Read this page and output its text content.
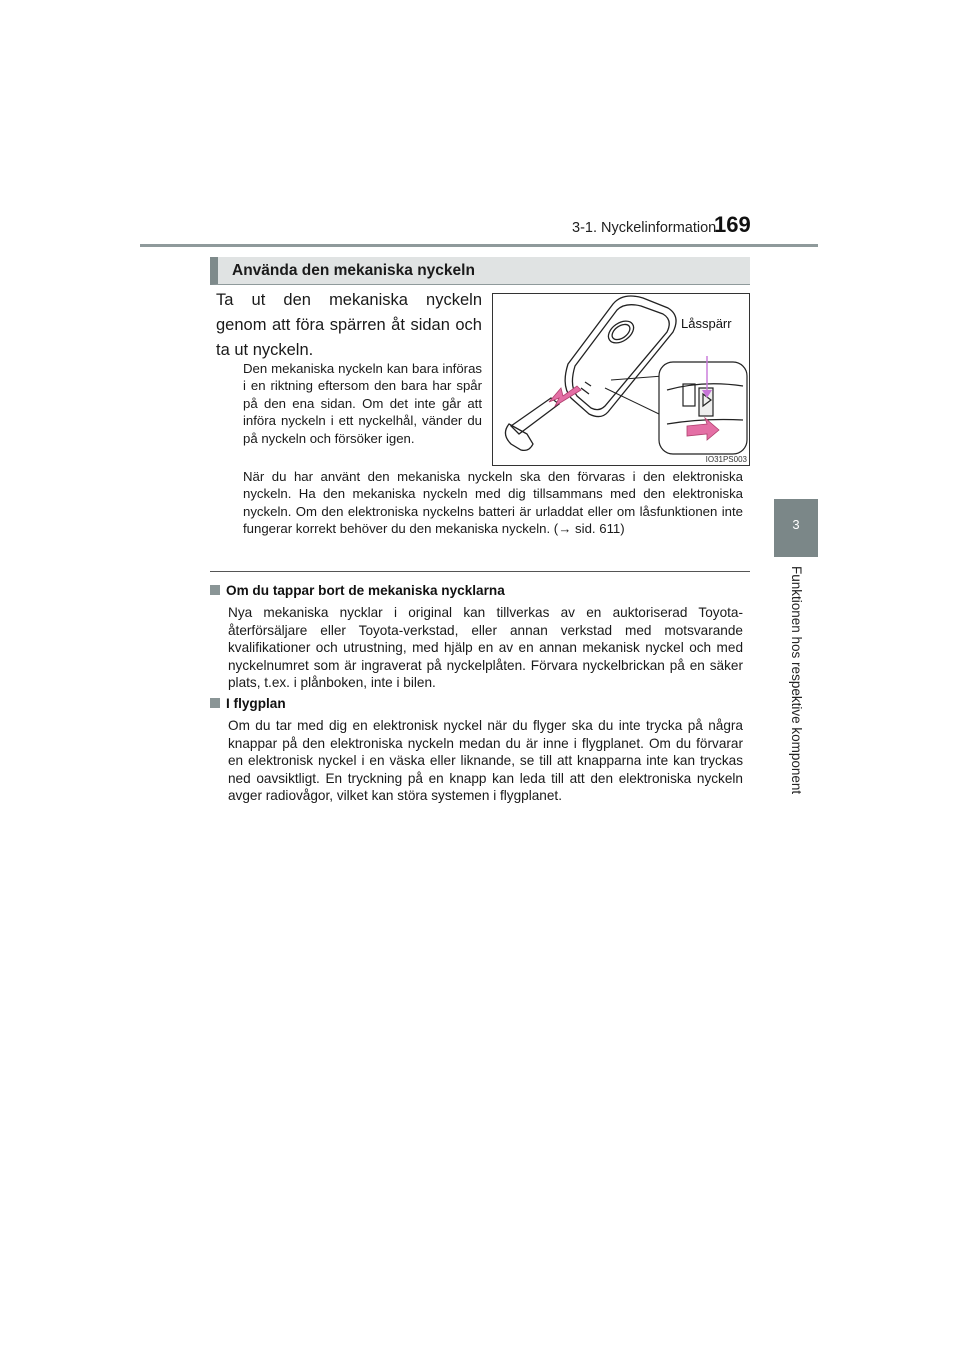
3-1. Nyckelinformation
169
3
Funktionen hos respektive komponent
Använda den mekaniska nyckeln
Ta ut den mekaniska nyckeln genom att föra spärren åt sidan och ta ut nyckeln.
Den mekaniska nyckeln kan bara införas i en riktning eftersom den bara har spår på den ena sidan. Om det inte går att införa nyckeln i ett nyckelhål, vänder du på nyckeln och försöker igen.
Låsspärr
IO31PS003
När du har använt den mekaniska nyckeln ska den förvaras i den elektroniska nyckeln. Ha den mekaniska nyckeln med dig tillsammans med den elektroniska nyckeln. Om den elektroniska nyckelns batteri är urladdat eller om låsfunktionen inte fungerar korrekt behöver du den mekaniska nyckeln. (→ sid. 611)
Om du tappar bort de mekaniska nycklarna
Nya mekaniska nycklar i original kan tillverkas av en auktoriserad Toyota-återförsäljare eller Toyota-verkstad, eller annan verkstad med motsvarande kvalifikationer och utrustning, med hjälp en av en annan mekanisk nyckel och med nyckelnumret som är ingraverat på nyckelplåten. Förvara nyckelbrickan på en säker plats, t.ex. i plånboken, inte i bilen.
I flygplan
Om du tar med dig en elektronisk nyckel när du flyger ska du inte trycka på några knappar på den elektroniska nyckeln medan du är inne i flygplanet. Om du förvarar en elektronisk nyckel i en väska eller liknande, se till att knapparna inte kan tryckas ned oavsiktligt. En tryckning på en knapp kan leda till att den elektroniska nyckeln avger radiovågor, vilket kan störa systemen i flygplanet.
